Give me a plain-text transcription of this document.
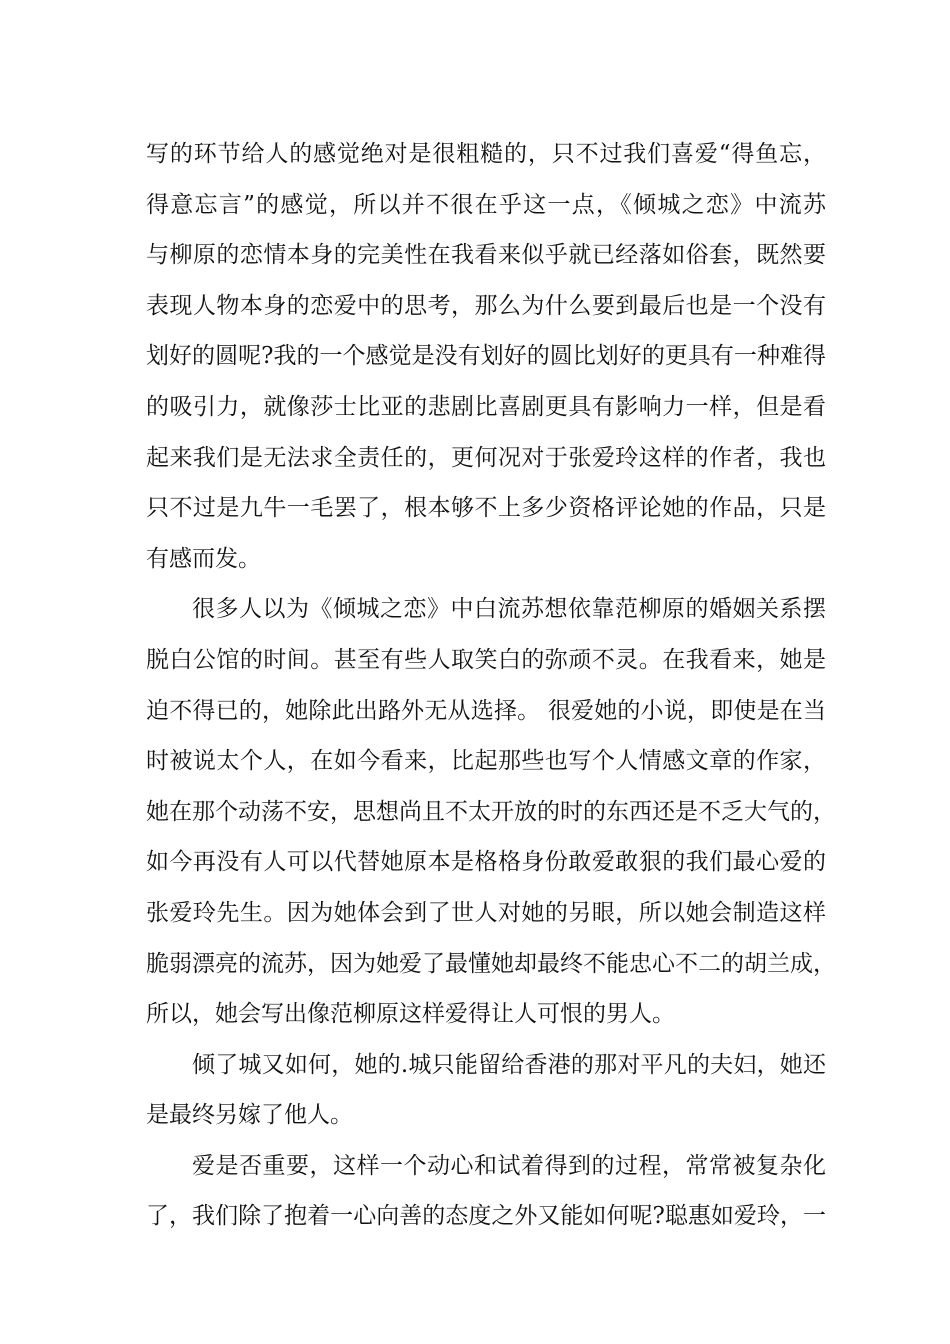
写的环节给人的感觉绝对是很粗糙的，只不过我们喜爱“得鱼忘，
得意忘言”的感觉，所以并不很在乎这一点，《倾城之恋》中流苏
与柳原的恋情本身的完美性在我看来似乎就已经落如俗套，既然要
表现人物本身的恋爱中的思考，那么为什么要到最后也是一个没有
划好的圆呢?我的一个感觉是没有划好的圆比划好的更具有一种难得
的吸引力，就像莎士比亚的悲剧比喜剧更具有影响力一样，但是看
起来我们是无法求全责任的，更何况对于张爱玲这样的作者，我也
只不过是九牛一毛罢了，根本够不上多少资格评论她的作品，只是
有感而发。
很多人以为《倾城之恋》中白流苏想依靠范柳原的婚姻关系摆
脱白公馆的时间。甚至有些人取笑白的弥顽不灵。在我看来，她是
迫不得已的，她除此出路外无从选择。 很爱她的小说，即使是在当
时被说太个人，在如今看来，比起那些也写个人情感文章的作家，
她在那个动荡不安，思想尚且不太开放的时的东西还是不乏大气的，
如今再没有人可以代替她原本是格格身份敢爱敢狠的我们最心爱的
张爱玲先生。因为她体会到了世人对她的另眼，所以她会制造这样
脆弱漂亮的流苏，因为她爱了最懂她却最终不能忠心不二的胡兰成，
所以，她会写出像范柳原这样爱得让人可恨的男人。
倾了城又如何，她的.城只能留给香港的那对平凡的夫妇，她还
是最终另嫁了他人。
爱是否重要，这样一个动心和试着得到的过程，常常被复杂化
了，我们除了抱着一心向善的态度之外又能如何呢?聪惠如爱玲，一
